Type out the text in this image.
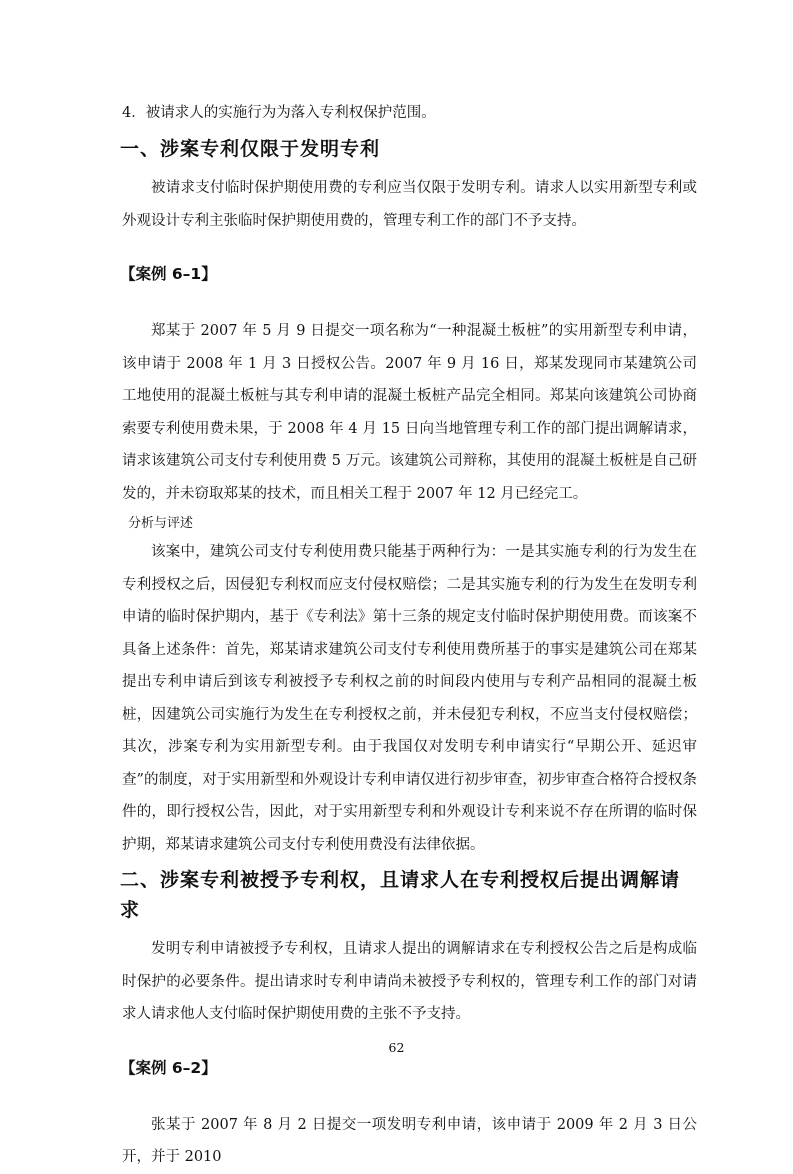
4．被请求人的实施行为为落入专利权保护范围。
一、涉案专利仅限于发明专利
被请求支付临时保护期使用费的专利应当仅限于发明专利。请求人以实用新型专利或外观设计专利主张临时保护期使用费的，管理专利工作的部门不予支持。
【案例 6–1】
郑某于 2007 年 5 月 9 日提交一项名称为“一种混凝土板桩”的实用新型专利申请，该申请于 2008 年 1 月 3 日授权公告。2007 年 9 月 16 日，郑某发现同市某建筑公司工地使用的混凝土板桩与其专利申请的混凝土板桩产品完全相同。郑某向该建筑公司协商索要专利使用费未果，于 2008 年 4 月 15 日向当地管理专利工作的部门提出调解请求，请求该建筑公司支付专利使用费 5 万元。该建筑公司辩称，其使用的混凝土板桩是自己研发的，并未窃取郑某的技术，而且相关工程于 2007 年 12 月已经完工。
分析与评述
该案中，建筑公司支付专利使用费只能基于两种行为：一是其实施专利的行为发生在专利授权之后，因侵犯专利权而应支付侵权赔偿；二是其实施专利的行为发生在发明专利申请的临时保护期内，基于《专利法》第十三条的规定支付临时保护期使用费。而该案不具备上述条件：首先，郑某请求建筑公司支付专利使用费所基于的事实是建筑公司在郑某提出专利申请后到该专利被授予专利权之前的时间段内使用与专利产品相同的混凝土板桩，因建筑公司实施行为发生在专利授权之前，并未侵犯专利权，不应当支付侵权赔偿；其次，涉案专利为实用新型专利。由于我国仅对发明专利申请实行“早期公开、延迟审查”的制度，对于实用新型和外观设计专利申请仅进行初步审查，初步审查合格符合授权条件的，即行授权公告，因此，对于实用新型专利和外观设计专利来说不存在所谓的临时保护期，郑某请求建筑公司支付专利使用费没有法律依据。
二、涉案专利被授予专利权，且请求人在专利授权后提出调解请求
发明专利申请被授予专利权，且请求人提出的调解请求在专利授权公告之后是构成临时保护的必要条件。提出请求时专利申请尚未被授予专利权的，管理专利工作的部门对请求人请求他人支付临时保护期使用费的主张不予支持。
【案例 6–2】
张某于 2007 年 8 月 2 日提交一项发明专利申请，该申请于 2009 年 2 月 3 日公开，并于 2010
62
